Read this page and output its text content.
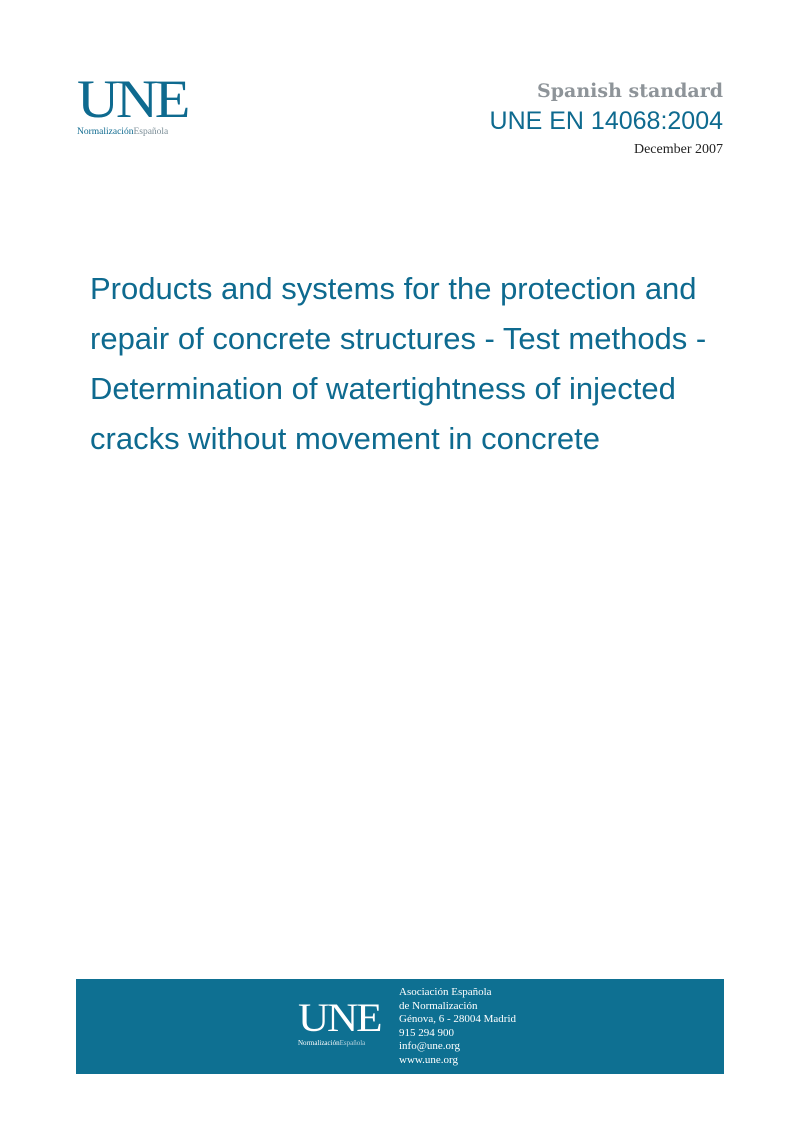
UNE
NormalizaciónEspañola
Spanish standard
UNE EN 14068:2004
December 2007
Products and systems for the protection and repair of concrete structures - Test methods - Determination of watertightness of injected cracks without movement in concrete
UNE
NormalizaciónEspañola
Asociación Española
de Normalización
Génova, 6 - 28004 Madrid
915 294 900
info@une.org
www.une.org
